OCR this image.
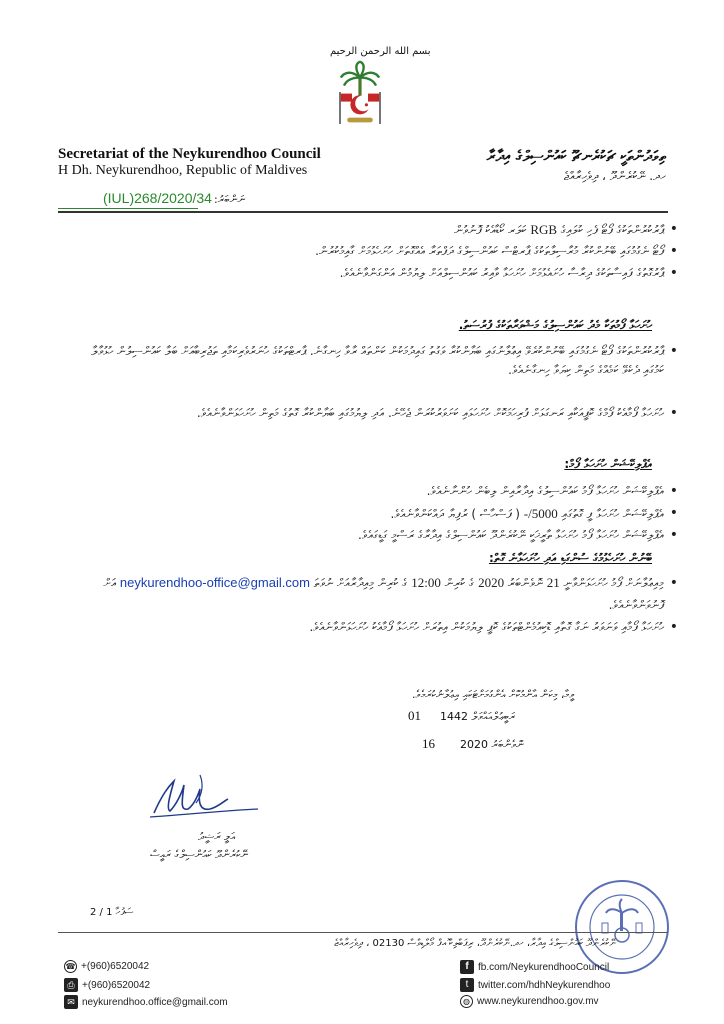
بسم الله الرحمن الرحيم
Secretariat of the Neykurendhoo Council
H Dh. Neykurendhoo, Republic of Maldives
ތިވަދުންތަކީ ޗަކުރެނޗޫ ކައުންސިލްގެ އިދާރާ
ހދ. ނޭކުރެންދޫ ، ދިވެހިރާއްޖެ
(IUL)268/2020/34 ނަންބަރު:
ޕާރުކުރުންތަކުގެ ފޯޓޯ ފެހި ކުލައިގެ RGB ކަލަރ ކޯޑާއެކު ފޮނުވުން •
ފޯޓޯ ނެގުމުގައި ބޭނުންކުރާ މުރާސިލާތަކުގެ ޕާރޓްސް ކައުންސިލްގެ ދަފްތަރާ އެއްގޮތަށް ހުށަހެޅުމަށް ގާއިމުކުރުން. •
ޕާރުގޮތުގެ ފައިސާތަކުގެ ދިރާސާ ހުށައެޅުމަށް ހުށަހަޅާ ވާއިރު ކައުންސިލްއަށް ލިޔުމުން އަންގަންވާނެއެވެ. •
ހުށަހަޅާ ފޯމުތަކާ މެދު ކައުންސިލުގެ މަޝްވަރާތަކުގެ ފުރުސަތު.
ޕާރުކުރުންތަކުގެ ފޯޓޯ ނެގުމުގައި ބޭނުންކުރެވޭ އިޢުލާނުގައި ބަޔާންކުރާ ވަގުތު ގައިދުމަކުން ކަންތައް ރާވާ ހިނގާނެ. ޕާރޓްތަކުގެ ހުނަރުވެރިކަމާއި ތަޖުރިބާއަށް ބަލާ ކައުންސިލުން ހުޅުވާލާ ކަމުގައި ދެކެވޭ ކަމެއްގެ މަތިން ކިޔަވާ ހިނގާނެއެވެ. •
ހުށަހަޅާ ފޯމާއެކު ފޯމްގެ ކޮޕީއަކާއި ރަނގަޅަށް ފުރިހަމަކޮށް ހުށަހަޅައި ކަށަވަރުކުރަން ޖެހޭނެ. އަދި ލިޔުމުގައި ބަޔާންކުރާ ގޮތުގެ މަތިން ހުށަހަޅަންވާނެއެވެ. •
އެޕްލިކޭޝަން ހުށަހަޅާ ފޯމް:
އެޕްލިކޭޝަން ހުށަހަޅާ ފޯމު ކައުންސިލުގެ އިދާރާއިން ލިބެން ހުންނާނެއެވެ. •
އެޕްލިކޭޝަން ހުށަހަޅާ ފީ ގޮތުގައި 5000/- ( ފަސްހާސް ) ރުފިޔާ ދައްކަންވާނެއެވެ. •
އެޕްލިކޭޝަން ހުށަހަޅާ ފޯމު ހުށަހަޅާ ތާރީޚަކީ ނޭކުރެންދޫ ކައުންސިލްގެ އިދާރާގެ ރަސްމީ ގަޑީގައެވެ. •
ބޭނުން ހުށަހެޅުމުގެ ސުންގަޑި އަދި ހުށަހަޅާނެ ގޮތް:
މިއިޢުލާނަށް ފޯމު ހުށަހަޅަންވާނީ 21 ނޮވެންބަރު 2020 ގެ ކުރިން 12:00 ގެ ކުރިން މިއިދާރާއަށް ނުވަތަ neykurendhoo-office@gmail.com އަށް ފޮނުވަންވާނެއެވެ. •
ހުށަހަޅާ ފޯމާއި ވަނަވަރު ނަގާ ގޮތާއި ޑޮކިއުމެންޓްތަކުގެ ކޮޕީ ލިޔުމަކުން އިތުރަށް ހުށަހަޅާ ފޯމާއެކު ހުށަހަޅަންވާނެއެވެ. •
ވީމާ، މިކަން އާންމުކޮށް އެންގުމަށްޓަކައި އިޢުލާނުކުރަމެވެ.
01 ރަބީޢުލްއައްވަލް 1442
16 ނޮވެންބަރު 2020
އަލީ ރަޝީދު
ނޭކުރެންދޫ ކައުންސިލްގެ ރައީސް
ސަފުހާ 1 / 2
ނޭކުރެންދޫ ކައުންސިލްގެ އިދާރާ، ހދ.ނޭކުރެންދޫ، ރިޕަބްލިކް ޮއފް މޯލްޑިވްސް 02130 ، ދިވެހިރާއްޖެ
☎ +(960)6520042
⎙ +(960)6520042
✉ neykurendhoo.office@gmail.com
f fb.com/NeykurendhooCouncil
t twitter.com/hdhNeykurendhoo
◍ www.neykurendhoo.gov.mv
